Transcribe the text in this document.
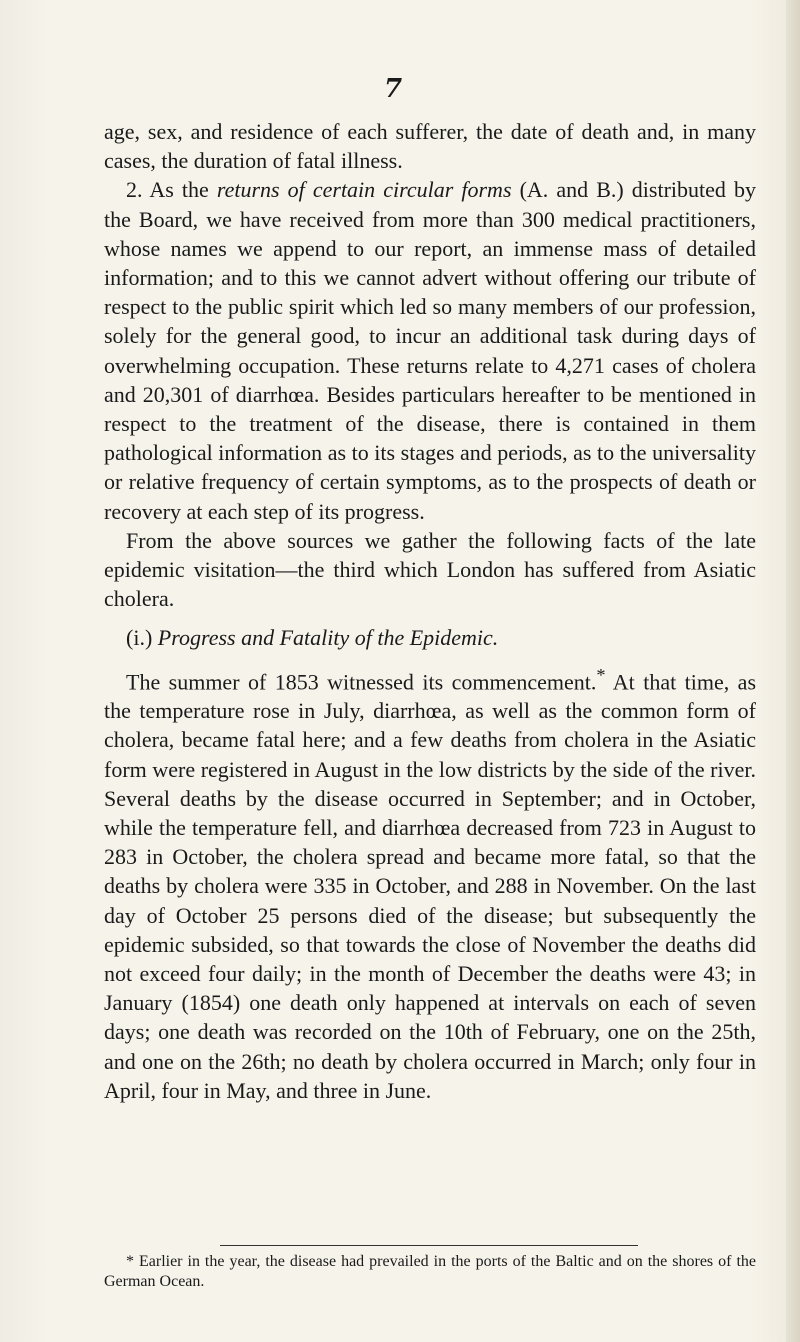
7

age, sex, and residence of each sufferer, the date of death and, in many cases, the duration of fatal illness.

2. As the returns of certain circular forms (A. and B.) distributed by the Board, we have received from more than 300 medical practitioners, whose names we append to our report, an immense mass of detailed information; and to this we cannot advert without offering our tribute of respect to the public spirit which led so many members of our profession, solely for the general good, to incur an additional task during days of overwhelming occupation. These returns relate to 4,271 cases of cholera and 20,301 of diarrhœa. Besides particulars hereafter to be mentioned in respect to the treatment of the disease, there is contained in them pathological information as to its stages and periods, as to the universality or relative frequency of certain symptoms, as to the prospects of death or recovery at each step of its progress.

From the above sources we gather the following facts of the late epidemic visitation—the third which London has suffered from Asiatic cholera.

(i.) Progress and Fatality of the Epidemic.

The summer of 1853 witnessed its commencement.* At that time, as the temperature rose in July, diarrhœa, as well as the common form of cholera, became fatal here; and a few deaths from cholera in the Asiatic form were registered in August in the low districts by the side of the river. Several deaths by the disease occurred in September; and in October, while the temperature fell, and diarrhœa decreased from 723 in August to 283 in October, the cholera spread and became more fatal, so that the deaths by cholera were 335 in October, and 288 in November. On the last day of October 25 persons died of the disease; but subsequently the epidemic subsided, so that towards the close of November the deaths did not exceed four daily; in the month of December the deaths were 43; in January (1854) one death only happened at intervals on each of seven days; one death was recorded on the 10th of February, one on the 25th, and one on the 26th; no death by cholera occurred in March; only four in April, four in May, and three in June.

* Earlier in the year, the disease had prevailed in the ports of the Baltic and on the shores of the German Ocean.
